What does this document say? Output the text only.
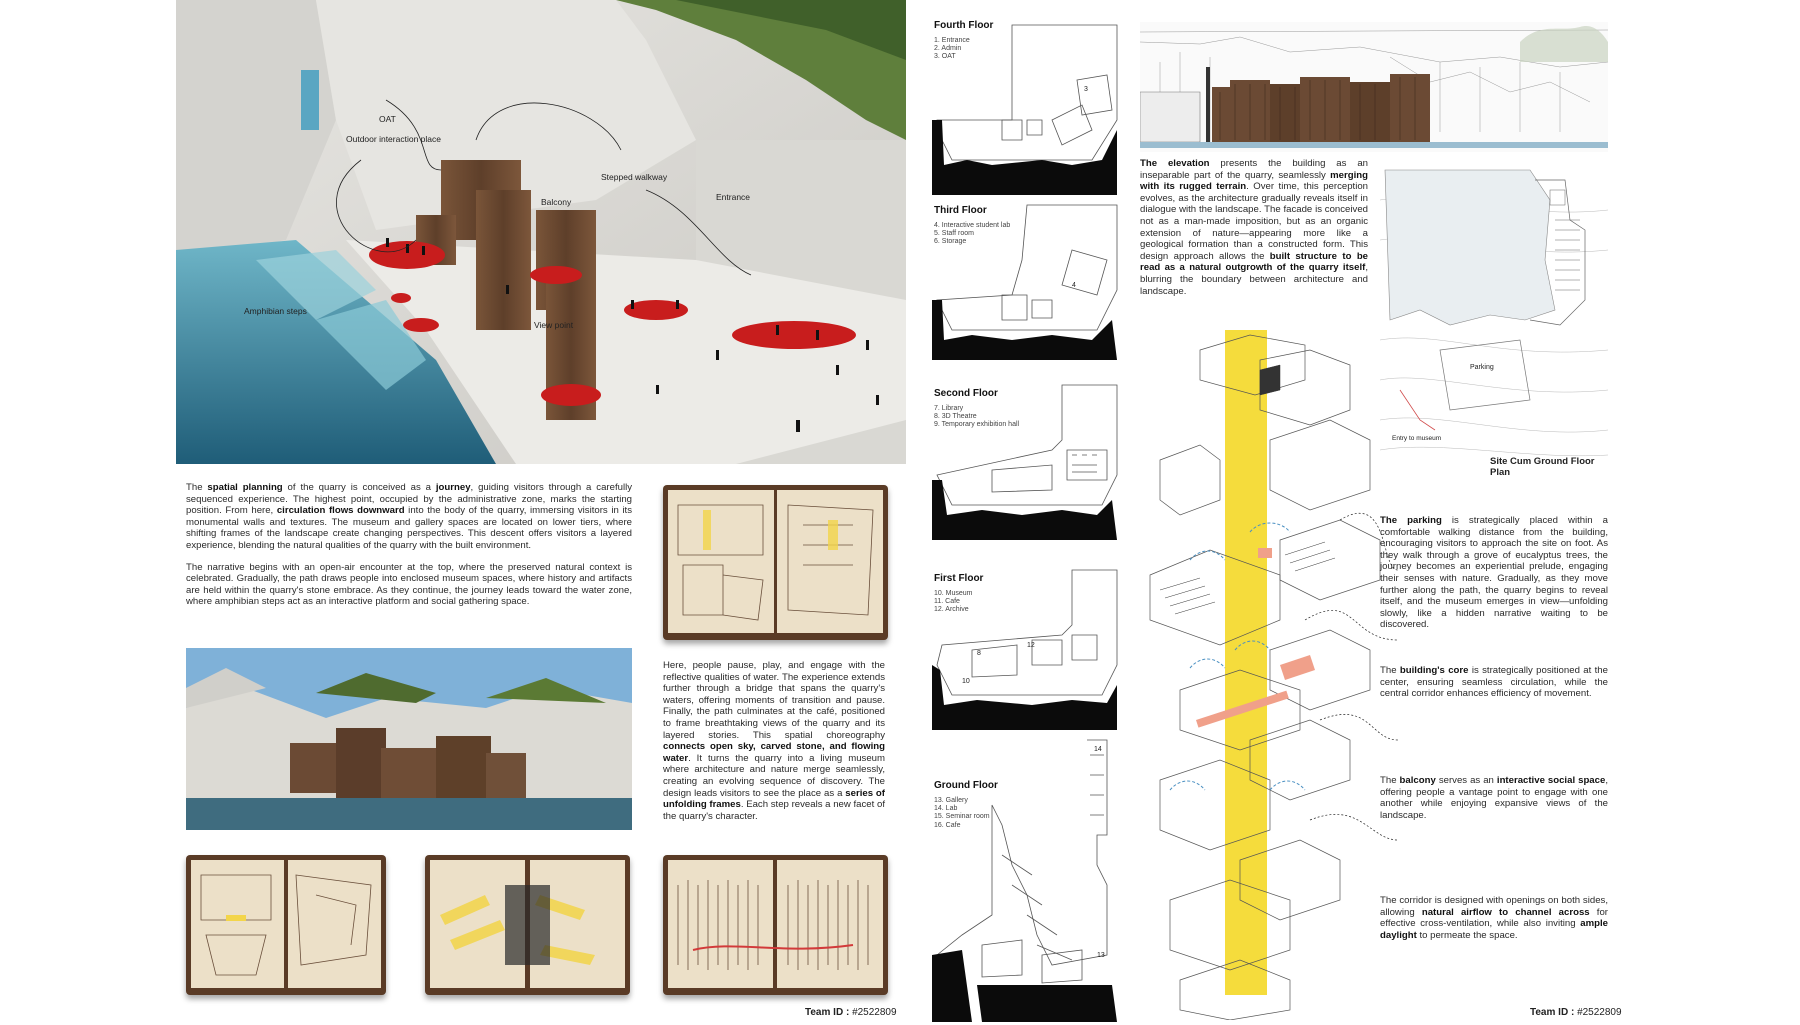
OAT
Outdoor interaction place
Stepped walkway
Balcony	Entrance
Amphibian steps
View point

The spatial planning of the quarry is conceived as a journey, guiding visitors through a carefully sequenced experience. The highest point, occupied by the administrative zone, marks the starting position. From here, circulation flows downward into the body of the quarry, immersing visitors in its monumental walls and textures. The museum and gallery spaces are located on lower tiers, where shifting frames of the landscape create changing perspectives. This descent offers visitors a layered experience, blending the natural qualities of the quarry with the built environment.

The narrative begins with an open-air encounter at the top, where the preserved natural context is celebrated. Gradually, the path draws people into enclosed museum spaces, where history and artifacts are held within the quarry's stone embrace. As they continue, the journey leads toward the water zone, where amphibian steps act as an interactive platform and social gathering space.

Here, people pause, play, and engage with the reflective qualities of water. The experience extends further through a bridge that spans the quarry's waters, offering moments of transition and pause. Finally, the path culminates at the café, positioned to frame breathtaking views of the quarry and its layered stories. This spatial choreography connects open sky, carved stone, and flowing water. It turns the quarry into a living museum where architecture and nature merge seamlessly, creating an evolving sequence of discovery. The design leads visitors to see the place as a series of unfolding frames. Each step reveals a new facet of the quarry's character.

Team ID : #2522809
Fourth Floor
1. Entrance
2. Admin
3. OAT
3
Third Floor
4. Interactive student lab
5. Staff room
6. Storage
4
Second Floor
7. Library
8. 3D Theatre
9. Temporary exhibition hall
First Floor
10. Museum
11. Cafe
12. Archive
8
12
10
Ground Floor
13. Gallery
14. Lab
15. Seminar room
16. Cafe
14
13

The elevation presents the building as an inseparable part of the quarry, seamlessly merging with its rugged terrain. Over time, this perception evolves, as the architecture gradually reveals itself in dialogue with the landscape. The facade is conceived not as a man-made imposition, but as an organic extension of nature—appearing more like a geological formation than a constructed form. This design approach allows the built structure to be read as a natural outgrowth of the quarry itself, blurring the boundary between architecture and landscape.

Parking
Entry to museum
Site Cum Ground Floor Plan

The parking is strategically placed within a comfortable walking distance from the building, encouraging visitors to approach the site on foot. As they walk through a grove of eucalyptus trees, the journey becomes an experiential prelude, engaging their senses with nature. Gradually, as they move further along the path, the quarry begins to reveal itself, and the museum emerges in view—unfolding slowly, like a hidden narrative waiting to be discovered.

The building's core is strategically positioned at the center, ensuring seamless circulation, while the central corridor enhances efficiency of movement.

The balcony serves as an interactive social space, offering people a vantage point to engage with one another while enjoying expansive views of the landscape.

The corridor is designed with openings on both sides, allowing natural airflow to channel across for effective cross-ventilation, while also inviting ample daylight to permeate the space.

Team ID : #2522809
